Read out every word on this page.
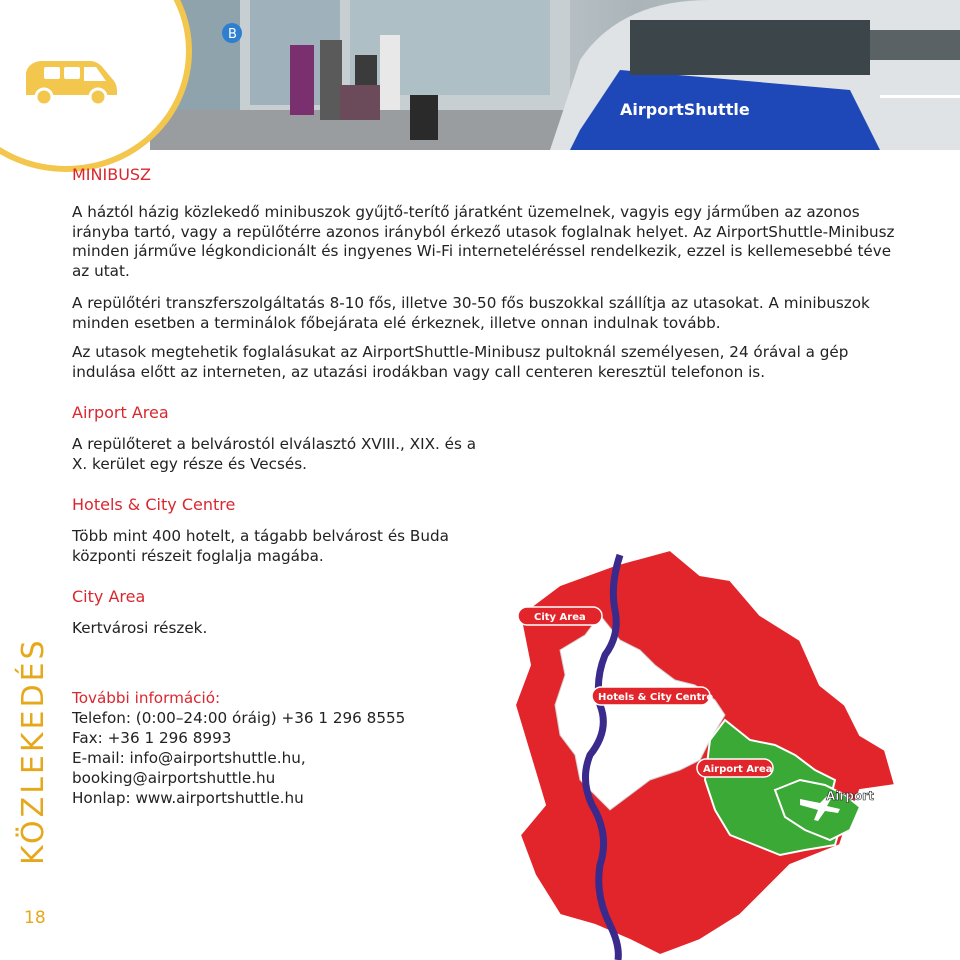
B
AirportShuttle
MINIBUSZ
A háztól házig közlekedő minibuszok gyűjtő-terítő járatként üzemelnek, vagyis egy járműben az azonos irányba tartó, vagy a repülőtérre azonos irányból érkező utasok foglalnak helyet. Az AirportShuttle-Minibusz minden járműve légkondicionált és ingyenes Wi-Fi interneteléréssel rendelkezik, ezzel is kellemesebbé téve az utat.
A repülőtéri transzferszolgáltatás 8-10 fős, illetve 30-50 fős buszokkal szállítja az utasokat. A minibuszok minden esetben a terminálok főbejárata elé érkeznek, illetve onnan indulnak tovább.
Az utasok megtehetik foglalásukat az AirportShuttle-Minibusz pultoknál személyesen, 24 órával a gép indulása előtt az interneten, az utazási irodákban vagy call centeren keresztül telefonon is.
Airport Area
A repülőteret a belvárostól elválasztó XVIII., XIX. és a X. kerület egy része és Vecsés.
Hotels & City Centre
Több mint 400 hotelt, a tágabb belvárost és Buda központi részeit foglalja magába.
City Area
Kertvárosi részek.
További információ:
Telefon: (0:00–24:00 óráig) +36 1 296 8555
Fax: +36 1 296 8993
E-mail: info@airportshuttle.hu,
booking@airportshuttle.hu
Honlap: www.airportshuttle.hu
KÖZLEKEDÉS
18
City Area
Hotels & City Centre
Airport Area
Airport
